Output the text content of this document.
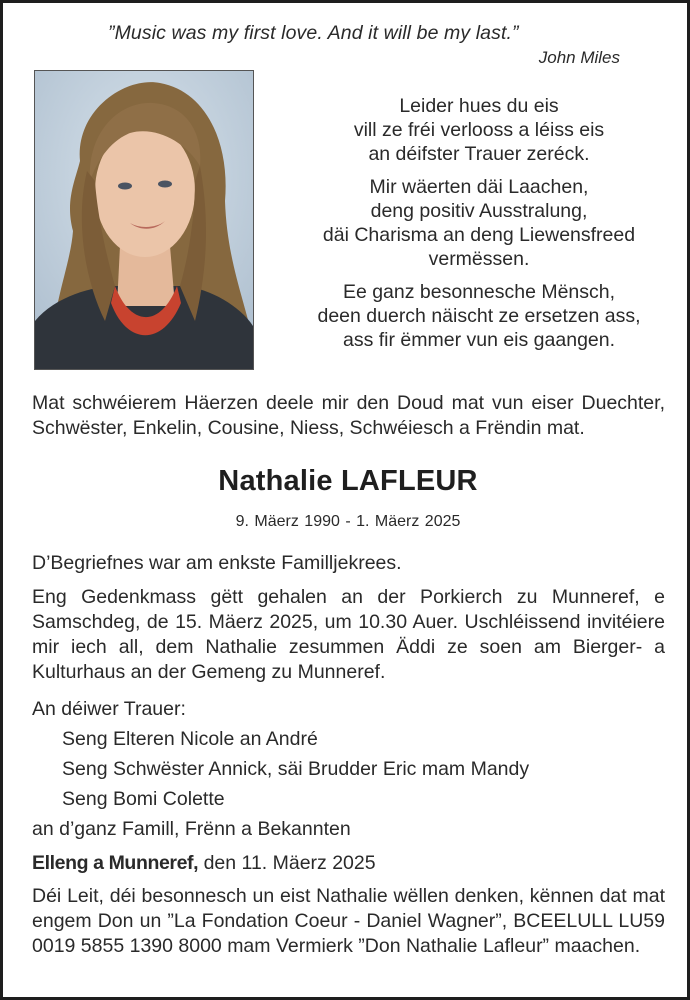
”Music was my first love. And it will be my last.”
John Miles
Leider hues du eis
vill ze fréi verlooss a léiss eis
an déifster Trauer zeréck.
Mir wäerten däi Laachen,
deng positiv Ausstralung,
däi Charisma an deng Liewensfreed
vermëssen.
Ee ganz besonnesche Mënsch,
deen duerch näischt ze ersetzen ass,
ass fir ëmmer vun eis gaangen.
Mat schwéierem Häerzen deele mir den Doud mat vun eiser Duechter, Schwëster, Enkelin, Cousine, Niess, Schwéiesch a Frëndin mat.
Nathalie LAFLEUR
9. Mäerz 1990 - 1. Mäerz 2025

D’Begriefnes war am enkste Familljekrees.

Eng Gedenkmass gëtt gehalen an der Porkierch zu Munneref, e Samschdeg, de 15. Mäerz 2025, um 10.30 Auer. Uschléissend invitéiere mir iech all, dem Nathalie zesummen Äddi ze soen am Bierger- a Kulturhaus an der Gemeng zu Munneref.

An déiwer Trauer:
Seng Elteren Nicole an André
Seng Schwëster Annick, säi Brudder Eric mam Mandy
Seng Bomi Colette
an d’ganz Famill, Frënn a Bekannten

Elleng a Munneref, den 11. Mäerz 2025

Déi Leit, déi besonnesch un eist Nathalie wëllen denken, kënnen dat mat engem Don un ”La Fondation Coeur - Daniel Wagner”, BCEELULL LU59 0019 5855 1390 8000 mam Vermierk ”Don Nathalie Lafleur” maachen.
